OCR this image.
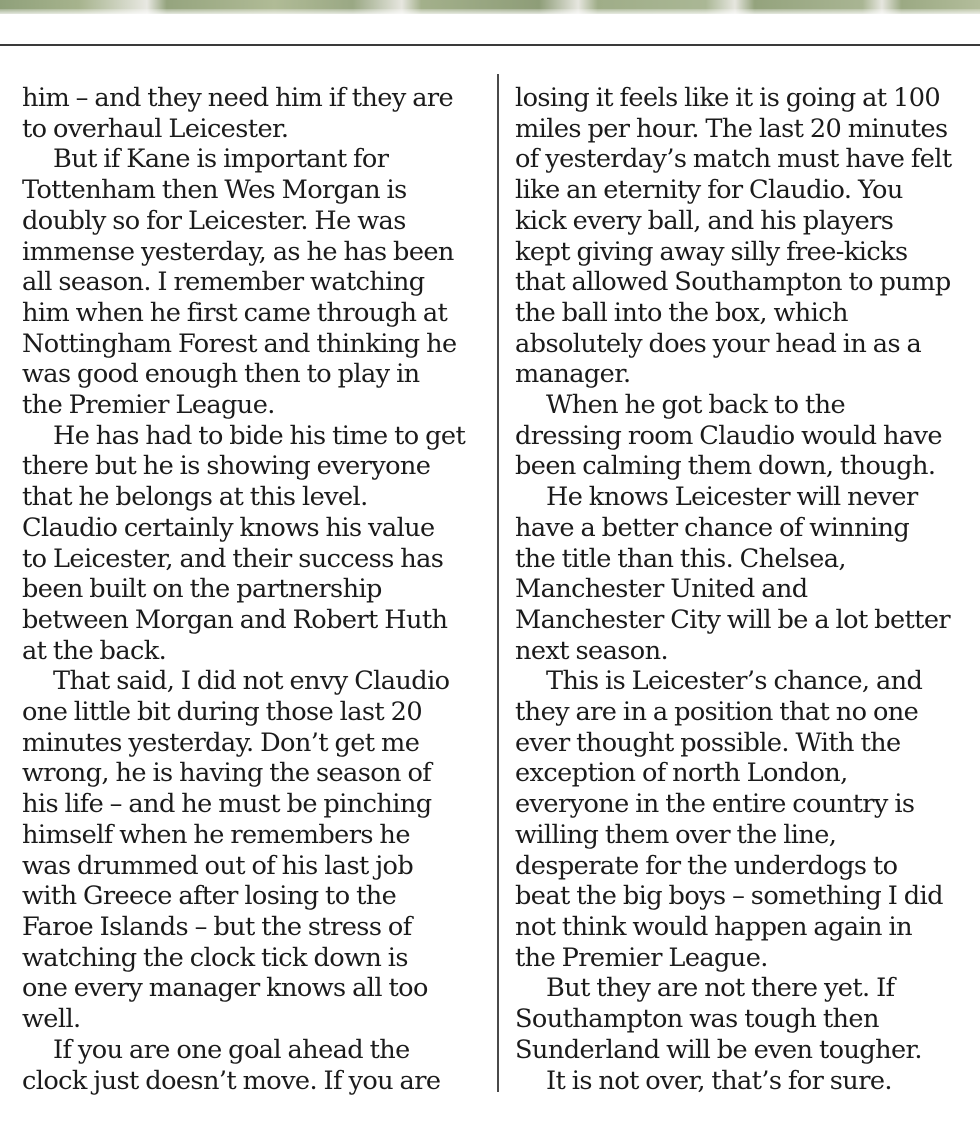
him – and they need him if they are
to overhaul Leicester.
But if Kane is important for
Tottenham then Wes Morgan is
doubly so for Leicester. He was
immense yesterday, as he has been
all season. I remember watching
him when he first came through at
Nottingham Forest and thinking he
was good enough then to play in
the Premier League.
He has had to bide his time to get
there but he is showing everyone
that he belongs at this level.
Claudio certainly knows his value
to Leicester, and their success has
been built on the partnership
between Morgan and Robert Huth
at the back.
That said, I did not envy Claudio
one little bit during those last 20
minutes yesterday. Don’t get me
wrong, he is having the season of
his life – and he must be pinching
himself when he remembers he
was drummed out of his last job
with Greece after losing to the
Faroe Islands – but the stress of
watching the clock tick down is
one every manager knows all too
well.
If you are one goal ahead the
clock just doesn’t move. If you are
losing it feels like it is going at 100
miles per hour. The last 20 minutes
of yesterday’s match must have felt
like an eternity for Claudio. You
kick every ball, and his players
kept giving away silly free-kicks
that allowed Southampton to pump
the ball into the box, which
absolutely does your head in as a
manager.
When he got back to the
dressing room Claudio would have
been calming them down, though.
He knows Leicester will never
have a better chance of winning
the title than this. Chelsea,
Manchester United and
Manchester City will be a lot better
next season.
This is Leicester’s chance, and
they are in a position that no one
ever thought possible. With the
exception of north London,
everyone in the entire country is
willing them over the line,
desperate for the underdogs to
beat the big boys – something I did
not think would happen again in
the Premier League.
But they are not there yet. If
Southampton was tough then
Sunderland will be even tougher.
It is not over, that’s for sure.
